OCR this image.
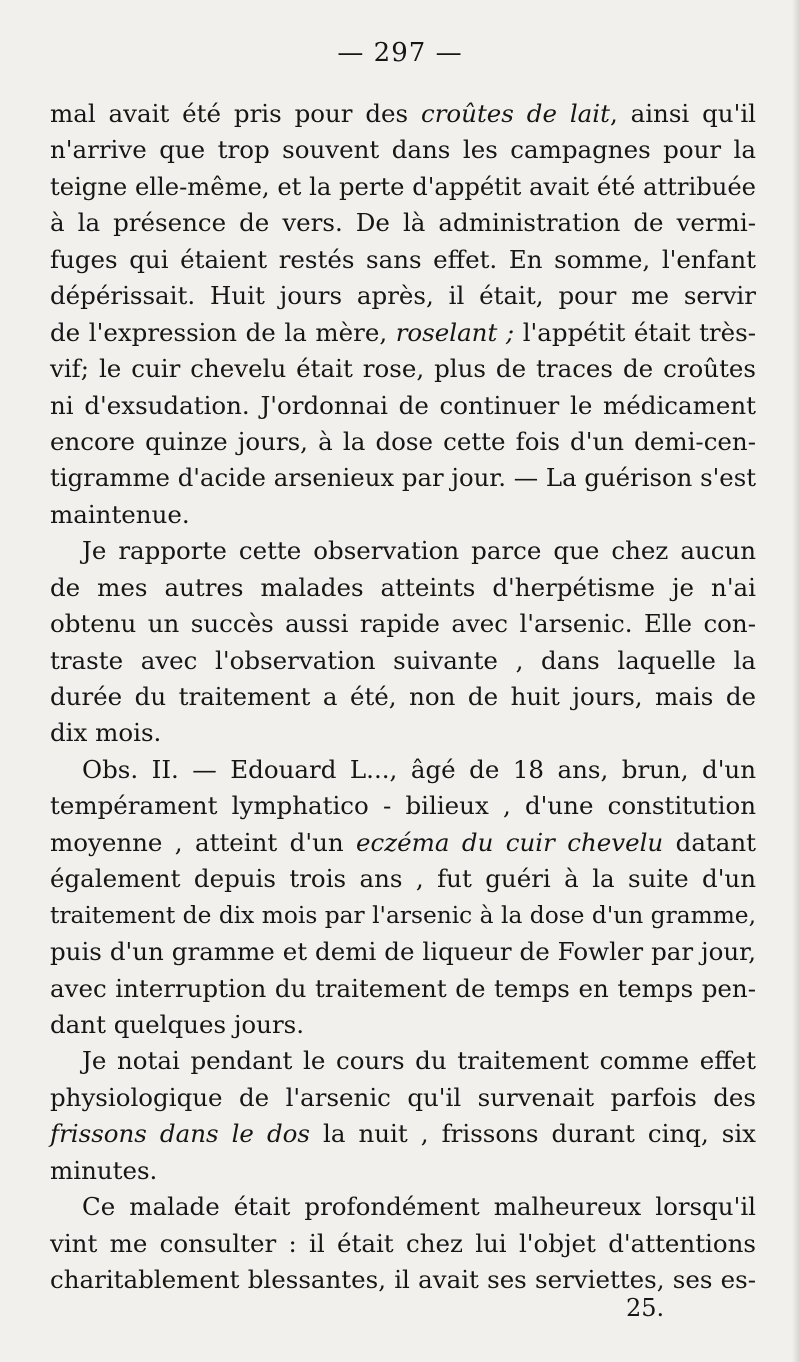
— 297 —
mal avait été pris pour des croûtes de lait, ainsi qu'il
n'arrive que trop souvent dans les campagnes pour la
teigne elle-même, et la perte d'appétit avait été attribuée
à la présence de vers. De là administration de vermi-
fuges qui étaient restés sans effet. En somme, l'enfant
dépérissait. Huit jours après, il était, pour me servir
de l'expression de la mère, roselant ; l'appétit était très-
vif; le cuir chevelu était rose, plus de traces de croûtes
ni d'exsudation. J'ordonnai de continuer le médicament
encore quinze jours, à la dose cette fois d'un demi-cen-
tigramme d'acide arsenieux par jour. — La guérison s'est
maintenue.
Je rapporte cette observation parce que chez aucun
de mes autres malades atteints d'herpétisme je n'ai
obtenu un succès aussi rapide avec l'arsenic. Elle con-
traste avec l'observation suivante , dans laquelle la
durée du traitement a été, non de huit jours, mais de
dix mois.
Obs. II. — Edouard L..., âgé de 18 ans, brun, d'un
tempérament lymphatico - bilieux , d'une constitution
moyenne , atteint d'un eczéma du cuir chevelu datant
également depuis trois ans , fut guéri à la suite d'un
traitement de dix mois par l'arsenic à la dose d'un gramme,
puis d'un gramme et demi de liqueur de Fowler par jour,
avec interruption du traitement de temps en temps pen-
dant quelques jours.
Je notai pendant le cours du traitement comme effet
physiologique de l'arsenic qu'il survenait parfois des
frissons dans le dos la nuit , frissons durant cinq, six
minutes.
Ce malade était profondément malheureux lorsqu'il
vint me consulter : il était chez lui l'objet d'attentions
charitablement blessantes, il avait ses serviettes, ses es-
25.
